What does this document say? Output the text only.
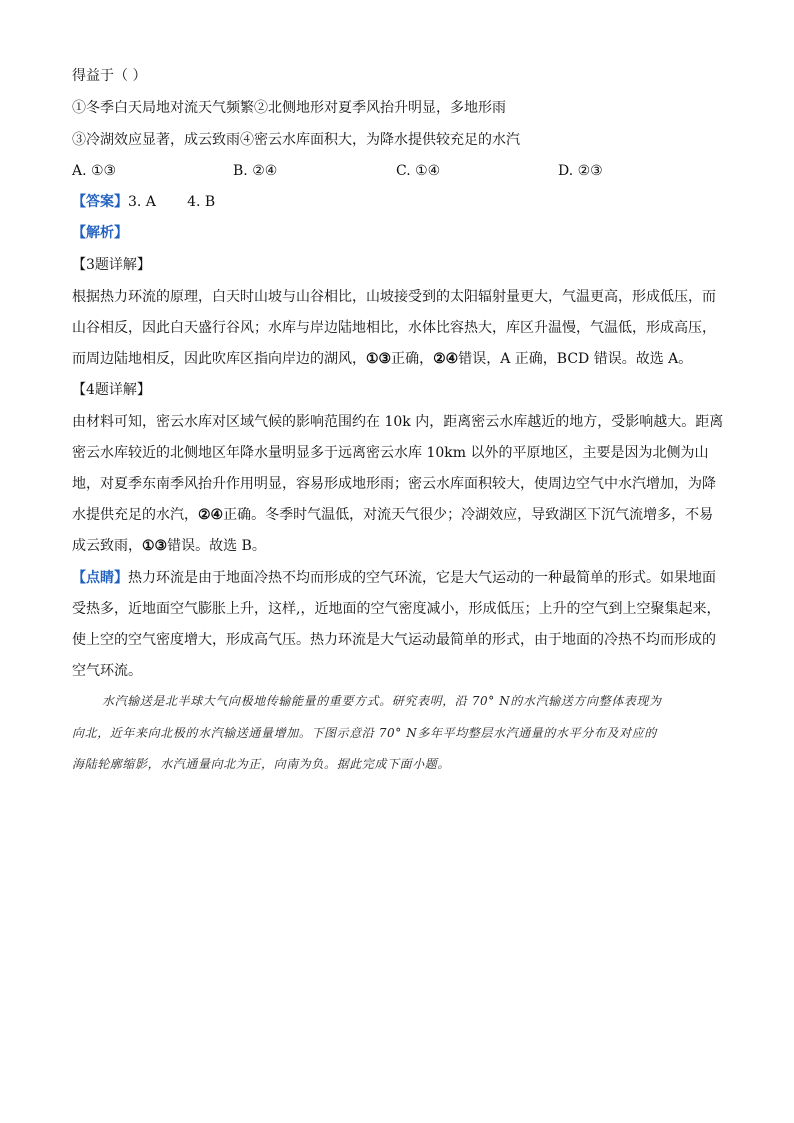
得益于（ ）
①冬季白天局地对流天气频繁②北侧地形对夏季风抬升明显，多地形雨
③冷湖效应显著，成云致雨④密云水库面积大，为降水提供较充足的水汽
A. ①③	B. ②④	C. ①④	D. ②③
【答案】3. A       4. B
【解析】
【3题详解】
根据热力环流的原理，白天时山坡与山谷相比，山坡接受到的太阳辐射量更大，气温更高，形成低压，而
山谷相反，因此白天盛行谷风；水库与岸边陆地相比，水体比容热大，库区升温慢，气温低，形成高压，
而周边陆地相反，因此吹库区指向岸边的湖风，①③正确，②④错误，A 正确，BCD 错误。故选 A。
【4题详解】
由材料可知，密云水库对区域气候的影响范围约在 10k 内，距离密云水库越近的地方，受影响越大。距离
密云水库较近的北侧地区年降水量明显多于远离密云水库 10km 以外的平原地区，主要是因为北侧为山
地，对夏季东南季风抬升作用明显，容易形成地形雨；密云水库面积较大，使周边空气中水汽增加，为降
水提供充足的水汽，②④正确。冬季时气温低，对流天气很少；冷湖效应，导致湖区下沉气流增多，不易
成云致雨，①③错误。故选 B。
【点睛】热力环流是由于地面冷热不均而形成的空气环流，它是大气运动的一种最简单的形式。如果地面
受热多，近地面空气膨胀上升，这样,，近地面的空气密度减小，形成低压；上升的空气到上空聚集起来，
使上空的空气密度增大，形成高气压。热力环流是大气运动最简单的形式，由于地面的冷热不均而形成的
空气环流。
水汽输送是北半球大气向极地传输能量的重要方式。研究表明，沿 70° N的水汽输送方向整体表现为
向北，近年来向北极的水汽输送通量增加。下图示意沿 70° N多年平均整层水汽通量的水平分布及对应的
海陆轮廓缩影，水汽通量向北为正，向南为负。据此完成下面小题。
